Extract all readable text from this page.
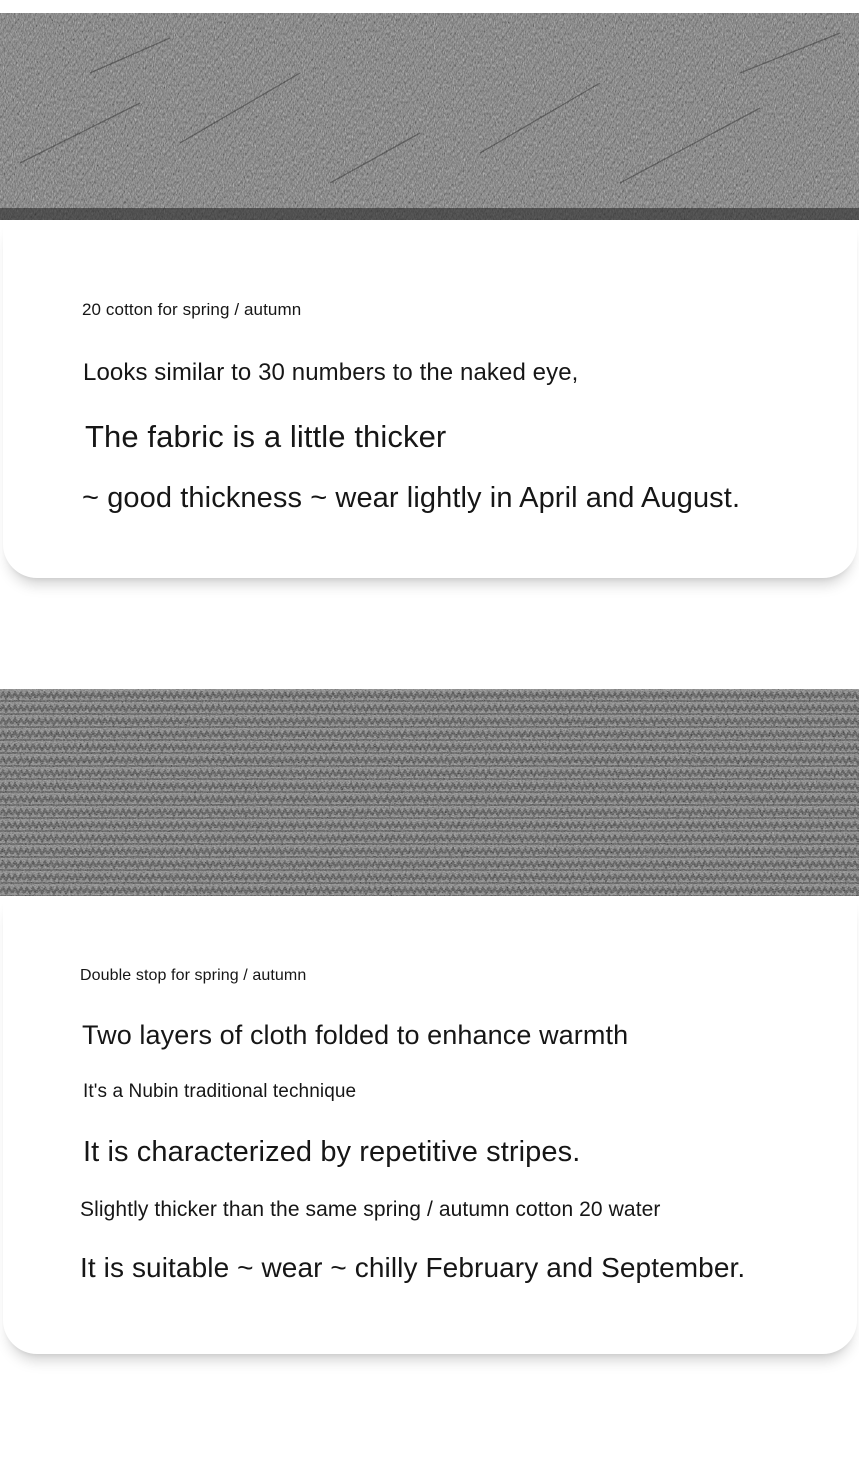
20 cotton for spring / autumn
Looks similar to 30 numbers to the naked eye,
The fabric is a little thicker
~ good thickness ~ wear lightly in April and August.
Double stop for spring / autumn
Two layers of cloth folded to enhance warmth
It's a Nubin traditional technique
It is characterized by repetitive stripes.
Slightly thicker than the same spring / autumn cotton 20 water
It is suitable ~ wear ~ chilly February and September.
